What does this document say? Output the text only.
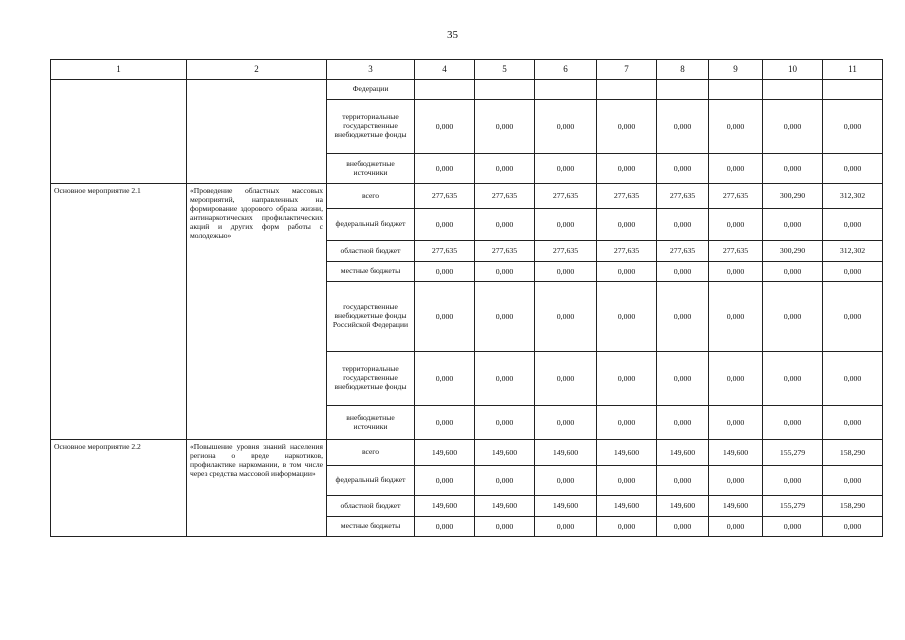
35
1	2	3	4	5	6	7	8	9	10	11
		Федерации								
		территориальные государственные внебюджетные фонды	0,000	0,000	0,000	0,000	0,000	0,000	0,000	0,000
		внебюджетные источники	0,000	0,000	0,000	0,000	0,000	0,000	0,000	0,000
Основное мероприятие 2.1	«Проведение областных массовых мероприятий, направленных на формирование здорового образа жизни, антинаркотических профилактических акций и других форм работы с молодежью»	всего	277,635	277,635	277,635	277,635	277,635	277,635	300,290	312,302
		федеральный бюджет	0,000	0,000	0,000	0,000	0,000	0,000	0,000	0,000
		областной бюджет	277,635	277,635	277,635	277,635	277,635	277,635	300,290	312,302
		местные бюджеты	0,000	0,000	0,000	0,000	0,000	0,000	0,000	0,000
		государственные внебюджетные фонды Российской Федерации	0,000	0,000	0,000	0,000	0,000	0,000	0,000	0,000
		территориальные государственные внебюджетные фонды	0,000	0,000	0,000	0,000	0,000	0,000	0,000	0,000
		внебюджетные источники	0,000	0,000	0,000	0,000	0,000	0,000	0,000	0,000
Основное мероприятие 2.2	«Повышение уровня знаний населения региона о вреде наркотиков, профилактике наркомании, в том числе через средства массовой информации»	всего	149,600	149,600	149,600	149,600	149,600	149,600	155,279	158,290
		федеральный бюджет	0,000	0,000	0,000	0,000	0,000	0,000	0,000	0,000
		областной бюджет	149,600	149,600	149,600	149,600	149,600	149,600	155,279	158,290
		местные бюджеты	0,000	0,000	0,000	0,000	0,000	0,000	0,000	0,000
